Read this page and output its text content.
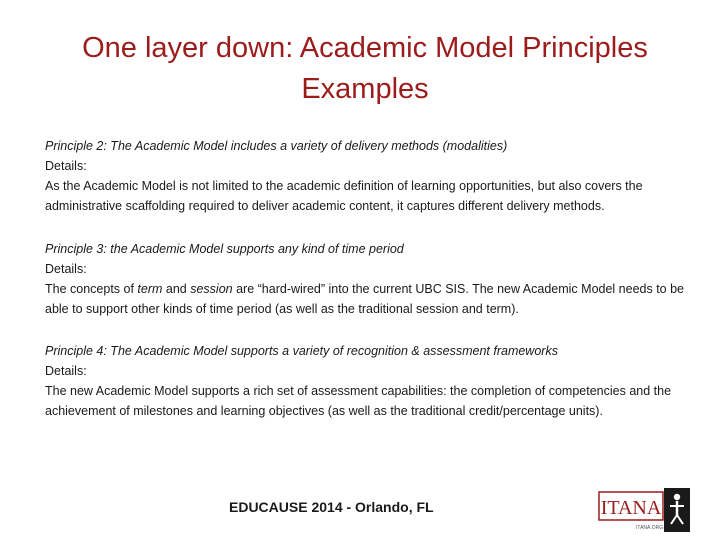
One layer down: Academic Model Principles
Examples

Principle 2: The Academic Model includes a variety of delivery methods (modalities)

Details:

As the Academic Model is not limited to the academic definition of learning opportunities, but also covers the administrative scaffolding required to deliver academic content, it captures different delivery methods.

Principle 3: the Academic Model supports any kind of time period

Details:

The concepts of term and session are “hard-wired” into the current UBC SIS. The new Academic Model needs to be able to support other kinds of time period (as well as the traditional session and term).

Principle 4: The Academic Model supports a variety of recognition & assessment frameworks

Details:

The new Academic Model supports a rich set of assessment capabilities: the completion of competencies and the achievement of milestones and learning objectives (as well as the traditional credit/percentage units).

EDUCAUSE 2014 - Orlando, FL	ITANA
ITANA.ORG
